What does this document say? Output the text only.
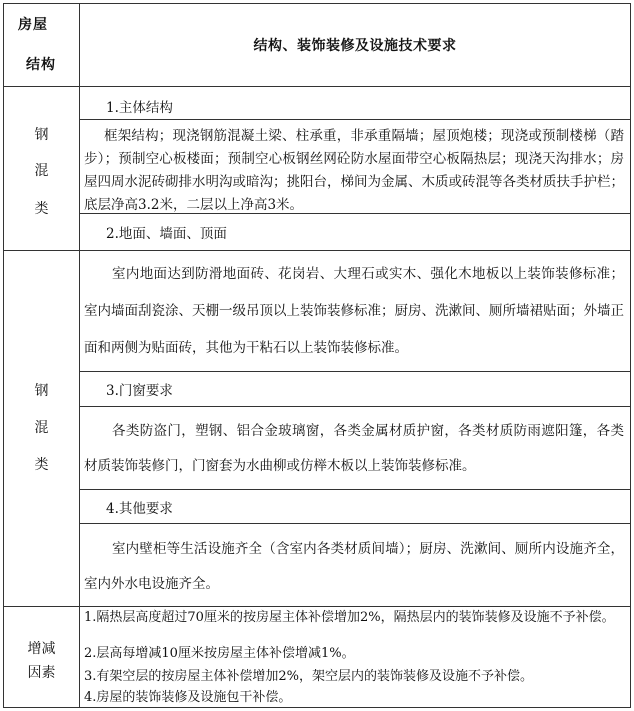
房屋
结构
结构、装饰装修及设施技术要求
钢
混
类
1.主体结构
框架结构；现浇钢筋混凝土梁、柱承重，非承重隔墙；屋顶炮楼；现浇或预制楼梯（踏步）；预制空心板楼面；预制空心板钢丝网砼防水屋面带空心板隔热层；现浇天沟排水；房屋四周水泥砖砌排水明沟或暗沟；挑阳台，梯间为金属、木质或砖混等各类材质扶手护栏；底层净高3.2米，二层以上净高3米。
2.地面、墙面、顶面
钢
混
类
室内地面达到防滑地面砖、花岗岩、大理石或实木、强化木地板以上装饰装修标准；室内墙面刮瓷涂、天棚一级吊顶以上装饰装修标准；厨房、洗漱间、厕所墙裙贴面；外墙正面和两侧为贴面砖，其他为干粘石以上装饰装修标准。
3.门窗要求
各类防盗门，塑钢、铝合金玻璃窗，各类金属材质护窗，各类材质防雨遮阳篷，各类材质装饰装修门，门窗套为水曲柳或仿榉木板以上装饰装修标准。
4.其他要求
室内壁柜等生活设施齐全（含室内各类材质间墙）；厨房、洗漱间、厕所内设施齐全，室内外水电设施齐全。
增减
因素
1.隔热层高度超过70厘米的按房屋主体补偿增加2%，隔热层内的装饰装修及设施不予补偿。
2.层高每增减10厘米按房屋主体补偿增减1%。
3.有架空层的按房屋主体补偿增加2%，架空层内的装饰装修及设施不予补偿。
4.房屋的装饰装修及设施包干补偿。
